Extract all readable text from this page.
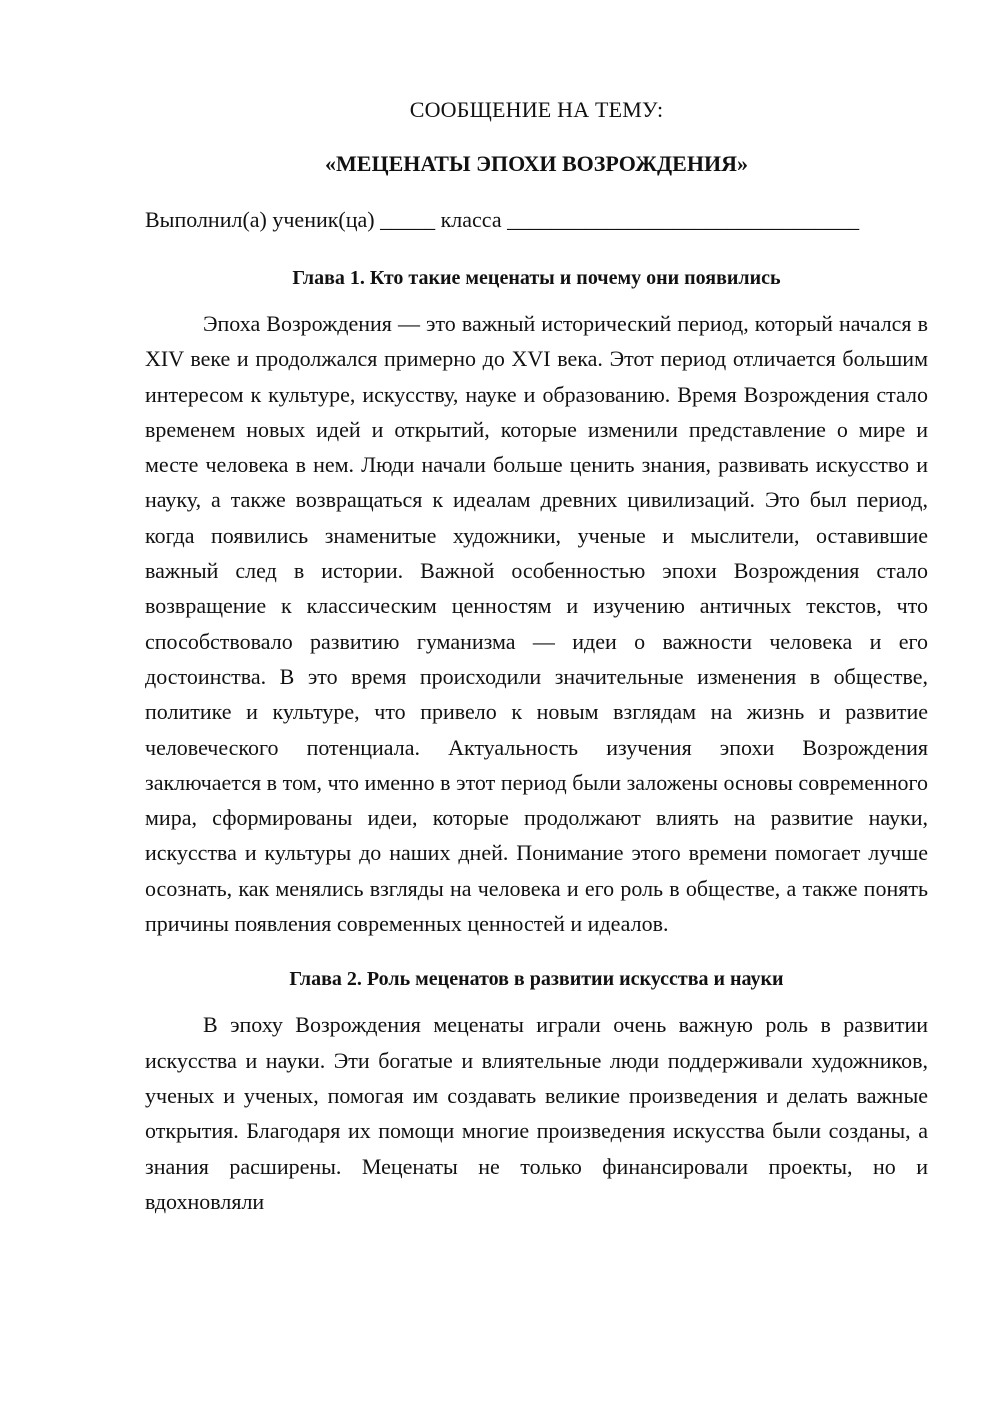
СООБЩЕНИЕ НА ТЕМУ:
«МЕЦЕНАТЫ ЭПОХИ ВОЗРОЖДЕНИЯ»
Выполнил(а) ученик(ца) _____ класса ________________________________
Глава 1. Кто такие меценаты и почему они появились

Эпоха Возрождения — это важный исторический период, который начался в XIV веке и продолжался примерно до XVI века. Этот период отличается большим интересом к культуре, искусству, науке и образованию. Время Возрождения стало временем новых идей и открытий, которые изменили представление о мире и месте человека в нем. Люди начали больше ценить знания, развивать искусство и науку, а также возвращаться к идеалам древних цивилизаций. Это был период, когда появились знаменитые художники, ученые и мыслители, оставившие важный след в истории. Важной особенностью эпохи Возрождения стало возвращение к классическим ценностям и изучению античных текстов, что способствовало развитию гуманизма — идеи о важности человека и его достоинства. В это время происходили значительные изменения в обществе, политике и культуре, что привело к новым взглядам на жизнь и развитие человеческого потенциала. Актуальность изучения эпохи Возрождения заключается в том, что именно в этот период были заложены основы современного мира, сформированы идеи, которые продолжают влиять на развитие науки, искусства и культуры до наших дней. Понимание этого времени помогает лучше осознать, как менялись взгляды на человека и его роль в обществе, а также понять причины появления современных ценностей и идеалов.

Глава 2. Роль меценатов в развитии искусства и науки

В эпоху Возрождения меценаты играли очень важную роль в развитии искусства и науки. Эти богатые и влиятельные люди поддерживали художников, ученых и ученых, помогая им создавать великие произведения и делать важные открытия. Благодаря их помощи многие произведения искусства были созданы, а знания расширены. Меценаты не только финансировали проекты, но и вдохновляли
